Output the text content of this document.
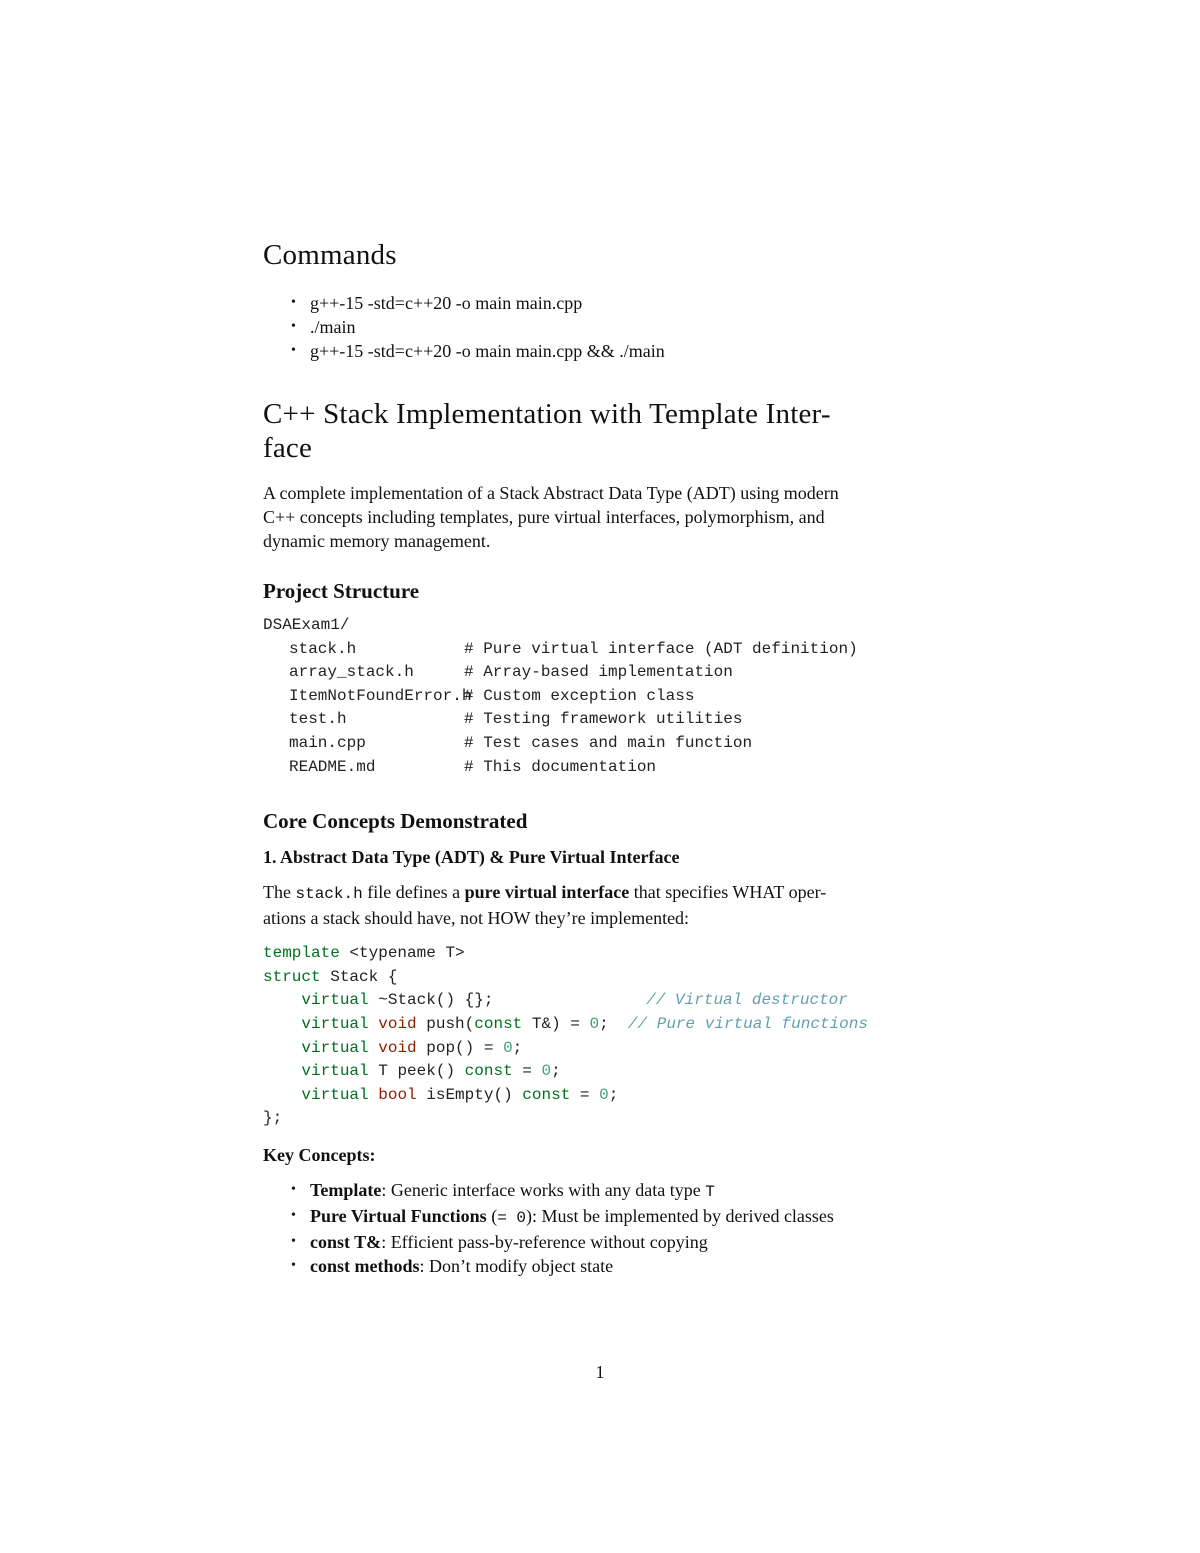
Commands
• g++-15 -std=c++20 -o main main.cpp
• ./main
• g++-15 -std=c++20 -o main main.cpp && ./main
C++ Stack Implementation with Template Inter-
face

A complete implementation of a Stack Abstract Data Type (ADT) using modern
C++ concepts including templates, pure virtual interfaces, polymorphism, and
dynamic memory management.

Project Structure
DSAExam1/
stack.h	# Pure virtual interface (ADT definition)
array_stack.h	# Array-based implementation
ItemNotFoundError.h# Custom exception class
test.h	# Testing framework utilities
main.cpp	# Test cases and main function
README.md	# This documentation
Core Concepts Demonstrated
1. Abstract Data Type (ADT) & Pure Virtual Interface

The stack.h file defines a pure virtual interface that specifies WHAT oper-
ations a stack should have, not HOW they’re implemented:

template <typename T>
struct Stack {
virtual ~Stack() {};	// Virtual destructor
virtual void push(const T&) = 0; // Pure virtual functions
virtual void pop() = 0;
virtual T peek() const = 0;
virtual bool isEmpty() const = 0;
};

Key Concepts:

• Template: Generic interface works with any data type T
• Pure Virtual Functions (= 0): Must be implemented by derived classes
• const T&: Efficient pass-by-reference without copying
• const methods: Don’t modify object state
1
